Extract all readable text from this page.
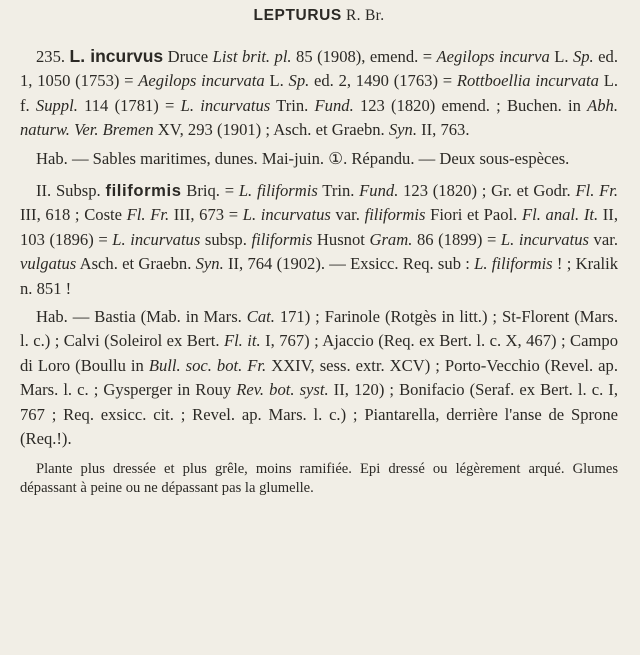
LEPTURUS R. Br.

235. L. incurvus Druce List brit. pl. 85 (1908), emend. = Aegilops incurva L. Sp. ed. 1, 1050 (1753) = Aegilops incurvata L. Sp. ed. 2, 1490 (1763) = Rottboellia incurvata L. f. Suppl. 114 (1781) = L. incurvatus Trin. Fund. 123 (1820) emend. ; Buchen. in Abh. naturw. Ver. Bremen XV, 293 (1901) ; Asch. et Graebn. Syn. II, 763.

Hab. — Sables maritimes, dunes. Mai-juin. ①. Répandu. — Deux sous-espèces.

II. Subsp. filiformis Briq. = L. filiformis Trin. Fund. 123 (1820) ; Gr. et Godr. Fl. Fr. III, 618 ; Coste Fl. Fr. III, 673 = L. incurvatus var. filiformis Fiori et Paol. Fl. anal. It. II, 103 (1896) = L. incurvatus subsp. filiformis Husnot Gram. 86 (1899) = L. incurvatus var. vulgatus Asch. et Graebn. Syn. II, 764 (1902). — Exsicc. Req. sub : L. filiformis ! ; Kralik n. 851 !

Hab. — Bastia (Mab. in Mars. Cat. 171) ; Farinole (Rotgès in litt.) ; St-Florent (Mars. l. c.) ; Calvi (Soleirol ex Bert. Fl. it. I, 767) ; Ajaccio (Req. ex Bert. l. c. X, 467) ; Campo di Loro (Boullu in Bull. soc. bot. Fr. XXIV, sess. extr. XCV) ; Porto-Vecchio (Revel. ap. Mars. l. c. ; Gysperger in Rouy Rev. bot. syst. II, 120) ; Bonifacio (Seraf. ex Bert. l. c. I, 767 ; Req. exsicc. cit. ; Revel. ap. Mars. l. c.) ; Piantarella, derrière l'anse de Sprone (Req.!).

Plante plus dressée et plus grêle, moins ramifiée. Epi dressé ou légèrement arqué. Glumes dépassant à peine ou ne dépassant pas la glumelle.
